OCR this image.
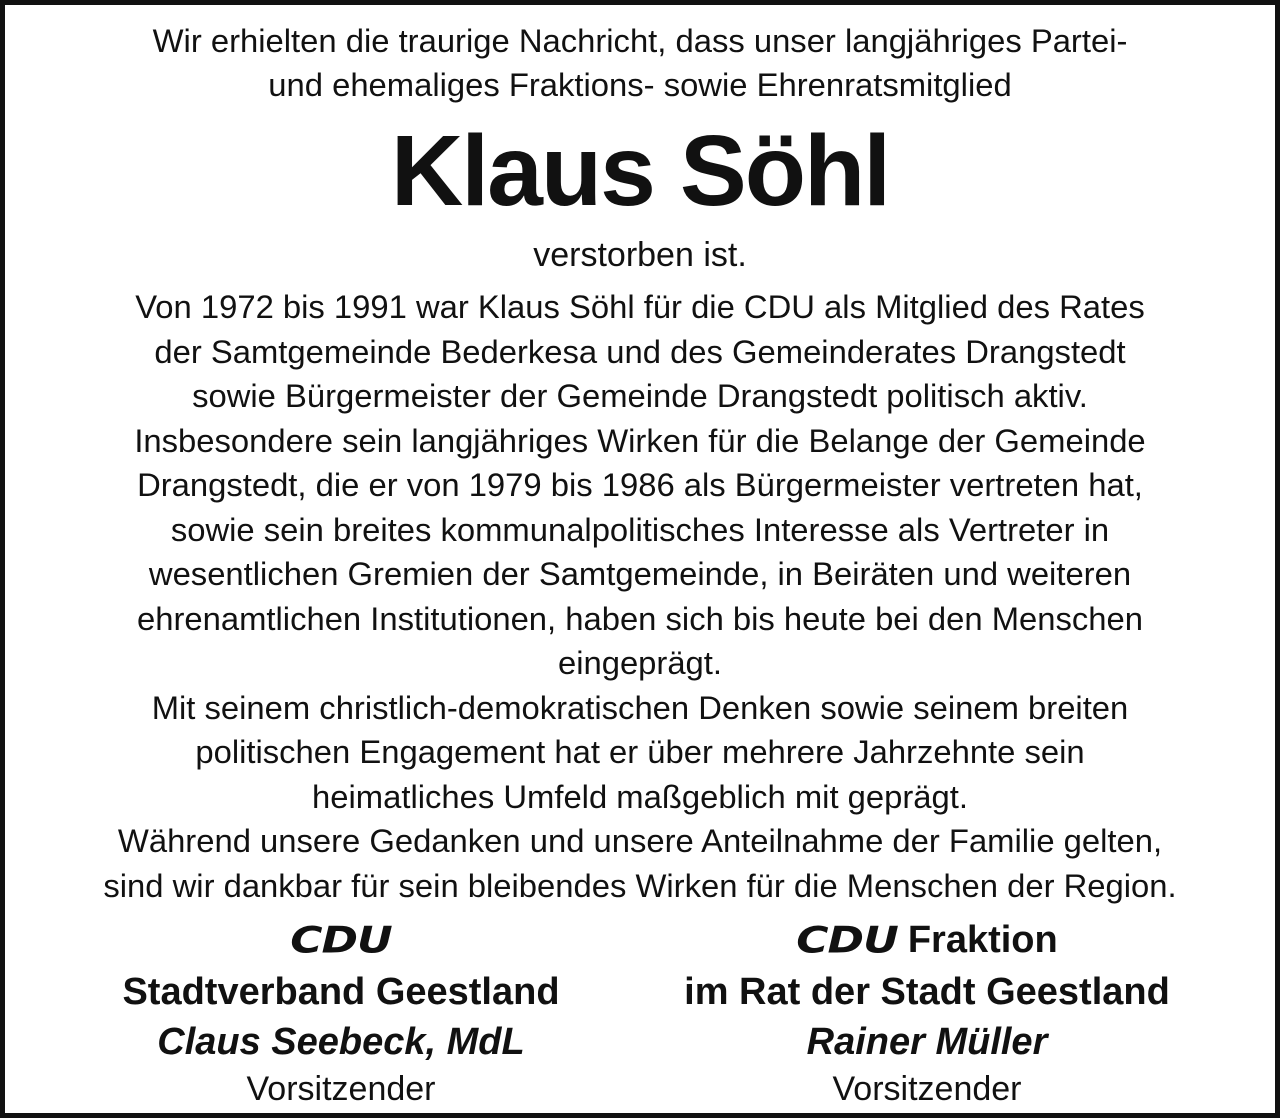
Wir erhielten die traurige Nachricht, dass unser langjähriges Partei-
und ehemaliges Fraktions- sowie Ehrenratsmitglied
Klaus Söhl
verstorben ist.
Von 1972 bis 1991 war Klaus Söhl für die CDU als Mitglied des Rates
der Samtgemeinde Bederkesa und des Gemeinderates Drangstedt
sowie Bürgermeister der Gemeinde Drangstedt politisch aktiv.
Insbesondere sein langjähriges Wirken für die Belange der Gemeinde
Drangstedt, die er von 1979 bis 1986 als Bürgermeister vertreten hat,
sowie sein breites kommunalpolitisches Interesse als Vertreter in
wesentlichen Gremien der Samtgemeinde, in Beiräten und weiteren
ehrenamtlichen Institutionen, haben sich bis heute bei den Menschen
eingeprägt.
Mit seinem christlich-demokratischen Denken sowie seinem breiten
politischen Engagement hat er über mehrere Jahrzehnte sein
heimatliches Umfeld maßgeblich mit geprägt.
Während unsere Gedanken und unsere Anteilnahme der Familie gelten,
sind wir dankbar für sein bleibendes Wirken für die Menschen der Region.
CDU
Stadtverband Geestland
Claus Seebeck, MdL
Vorsitzender
CDU Fraktion
im Rat der Stadt Geestland
Rainer Müller
Vorsitzender
